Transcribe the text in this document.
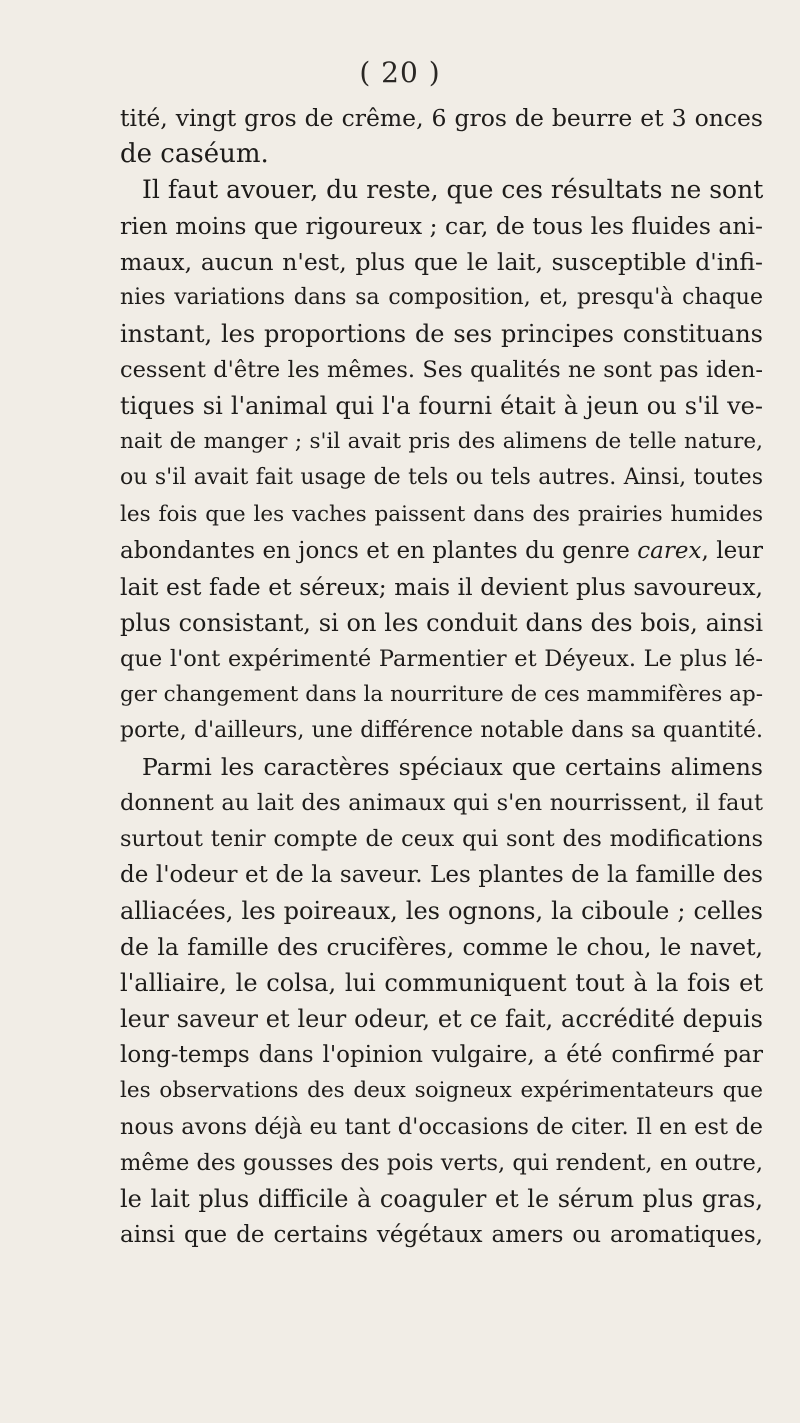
( 20 )
tité, vingt gros de crême, 6 gros de beurre et 3 onces
de caséum.
Il faut avouer, du reste, que ces résultats ne sont
rien moins que rigoureux ; car, de tous les fluides ani-
maux, aucun n'est, plus que le lait, susceptible d'infi-
nies variations dans sa composition, et, presqu'à chaque
instant, les proportions de ses principes constituans
cessent d'être les mêmes. Ses qualités ne sont pas iden-
tiques si l'animal qui l'a fourni était à jeun ou s'il ve-
nait de manger ; s'il avait pris des alimens de telle nature,
ou s'il avait fait usage de tels ou tels autres. Ainsi, toutes
les fois que les vaches paissent dans des prairies humides
abondantes en joncs et en plantes du genre carex, leur
lait est fade et séreux; mais il devient plus savoureux,
plus consistant, si on les conduit dans des bois, ainsi
que l'ont expérimenté Parmentier et Déyeux. Le plus lé-
ger changement dans la nourriture de ces mammifères ap-
porte, d'ailleurs, une différence notable dans sa quantité.
Parmi les caractères spéciaux que certains alimens
donnent au lait des animaux qui s'en nourrissent, il faut
surtout tenir compte de ceux qui sont des modifications
de l'odeur et de la saveur. Les plantes de la famille des
alliacées, les poireaux, les ognons, la ciboule ; celles
de la famille des crucifères, comme le chou, le navet,
l'alliaire, le colsa, lui communiquent tout à la fois et
leur saveur et leur odeur, et ce fait, accrédité depuis
long-temps dans l'opinion vulgaire, a été confirmé par
les observations des deux soigneux expérimentateurs que
nous avons déjà eu tant d'occasions de citer. Il en est de
même des gousses des pois verts, qui rendent, en outre,
le lait plus difficile à coaguler et le sérum plus gras,
ainsi que de certains végétaux amers ou aromatiques,
